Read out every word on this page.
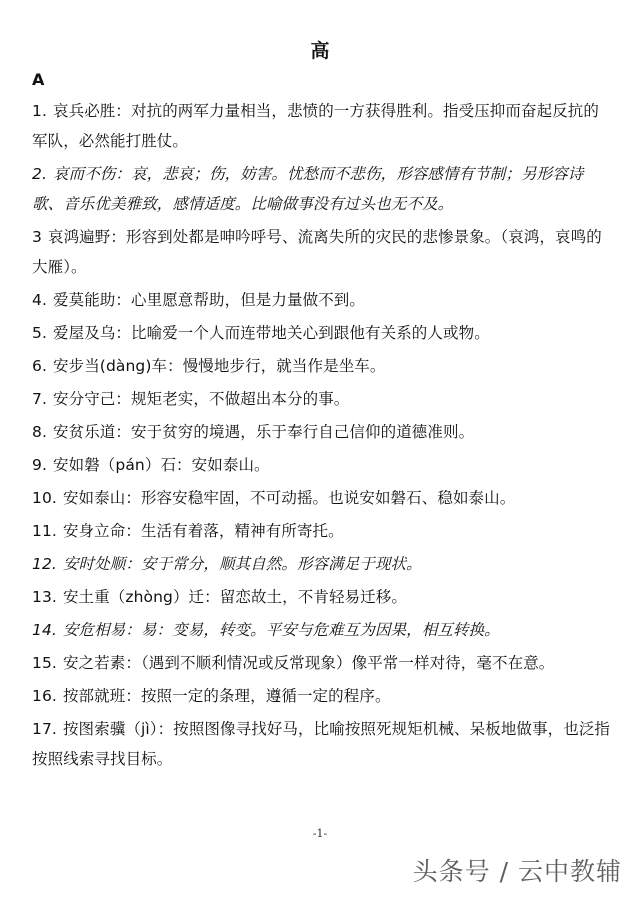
高
A
1. 哀兵必胜：对抗的两军力量相当，悲愤的一方获得胜利。指受压抑而奋起反抗的军队，必然能打胜仗。
2. 哀而不伤：哀，悲哀；伤，妨害。忧愁而不悲伤，形容感情有节制；另形容诗歌、音乐优美雅致，感情适度。比喻做事没有过头也无不及。
3 哀鸿遍野：形容到处都是呻吟呼号、流离失所的灾民的悲惨景象。（哀鸿，哀鸣的大雁）。
4. 爱莫能助：心里愿意帮助，但是力量做不到。
5. 爱屋及乌：比喻爱一个人而连带地关心到跟他有关系的人或物。
6. 安步当(dàng)车：慢慢地步行，就当作是坐车。
7. 安分守己：规矩老实，不做超出本分的事。
8. 安贫乐道：安于贫穷的境遇，乐于奉行自己信仰的道德准则。
9. 安如磐（pán）石：安如泰山。
10. 安如泰山：形容安稳牢固，不可动摇。也说安如磐石、稳如泰山。
11. 安身立命：生活有着落，精神有所寄托。
12. 安时处顺：安于常分，顺其自然。形容满足于现状。
13. 安土重（zhòng）迁：留恋故土，不肯轻易迁移。
14. 安危相易：易：变易，转变。平安与危难互为因果，相互转换。
15. 安之若素：（遇到不顺利情况或反常现象）像平常一样对待，毫不在意。
16. 按部就班：按照一定的条理，遵循一定的程序。
17. 按图索骥（jì）：按照图像寻找好马，比喻按照死规矩机械、呆板地做事，也泛指按照线索寻找目标。
-1-
头条号 / 云中教辅
